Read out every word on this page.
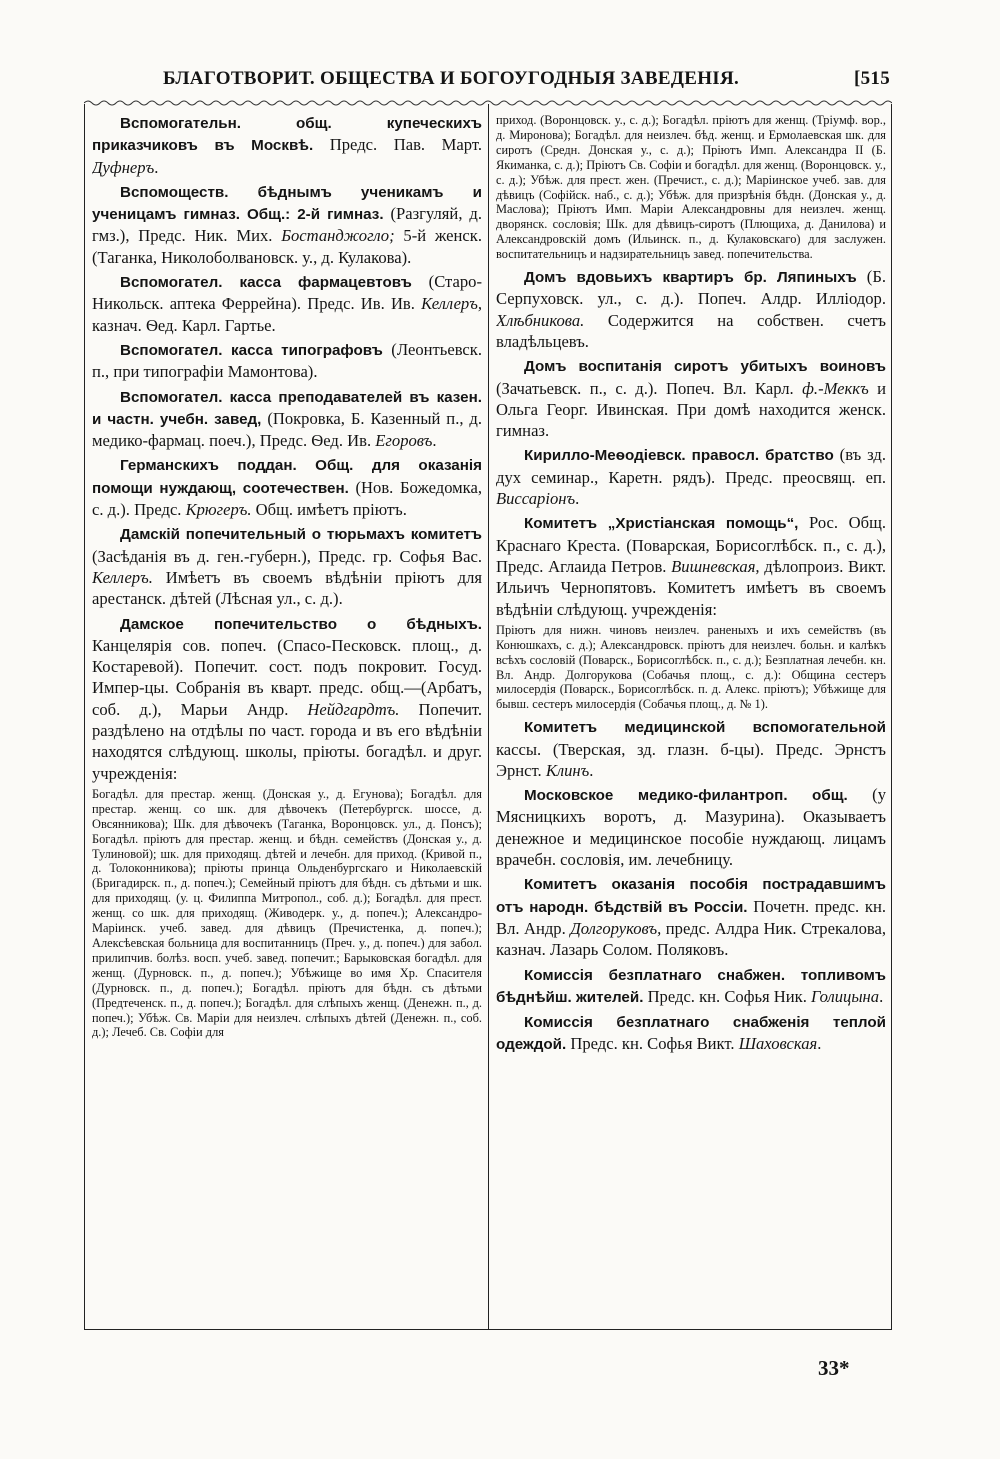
БЛАГОТВОРИТ. ОБЩЕСТВА И БОГОУГОДНЫЯ ЗАВЕДЕНІЯ.	[515

Вспомогательн. общ. купеческихъ приказчиковъ въ Москвѣ. Предс. Пав. Март. Дуфнеръ.

Вспомоществ. бѣднымъ ученикамъ и ученицамъ гимназ. Общ.: 2-й гимназ. (Разгуляй, д. гмз.), Предс. Ник. Мих. Бостанджогло; 5-й женск. (Таганка, Николоболвановск. у., д. Кулакова).

Вспомогател. касса фармацевтовъ (Старо-Никольск. аптека Феррейна). Предс. Ив. Ив. Келлеръ, казнач. Ѳед. Карл. Гартье.

Вспомогател. касса типографовъ (Леонтьевск. п., при типографіи Мамонтова).

Вспомогател. касса преподавателей въ казен. и частн. учебн. завед, (Покровка, Б. Казенный п., д. медико-фармац. поеч.), Предс. Ѳед. Ив. Егоровъ.

Германскихъ поддан. Общ. для оказанія помощи нуждающ, соотечествен. (Нов. Божедомка, с. д.). Предс. Крюгеръ. Общ. имѣетъ пріютъ.

Дамскій попечительный о тюрьмахъ комитетъ (Засѣданія въ д. ген.-губерн.), Предс. гр. Софья Вас. Келлеръ. Имѣетъ въ своемъ вѣдѣніи пріютъ для арестанск. дѣтей (Лѣсная ул., с. д.).

Дамское попечительство о бѣдныхъ. Канцелярія сов. попеч. (Спасо-Песковск. площ., д. Костаревой). Попечит. сост. подъ покровит. Госуд. Импер-цы. Собранія въ кварт. предс. общ.—(Арбатъ, соб. д.), Марьи Андр. Нейдгардтъ. Попечит. раздѣлено на отдѣлы по част. города и въ его вѣдѣніи находятся слѣдующ. школы, пріюты. богадѣл. и друг. учрежденія:

Богадѣл. для престар. женщ. (Донская у., д. Егунова); Богадѣл. для престар. женщ. со шк. для дѣвочекъ (Петербургск. шоссе, д. Овсянникова); Шк. для дѣвочекъ (Таганка, Воронцовск. ул., д. Понсъ); Богадѣл. пріютъ для престар. женщ. и бѣдн. семействъ (Донская у., д. Тулиновой); шк. для приходящ. дѣтей и лечебн. для приход. (Кривой п., д. Толоконникова); пріюты принца Ольденбургскаго и Николаевскій (Бригадирск. п., д. попеч.); Семейный пріютъ для бѣдн. съ дѣтьми и шк. для приходящ. (у. ц. Филиппа Митропол., соб. д.); Богадѣл. для прест. женщ. со шк. для приходящ. (Живодерк. у., д. попеч.); Александро-Маріинск. учеб. завед. для дѣвицъ (Пречистенка, д. попеч.); Алексѣевская больница для воспитанницъ (Преч. у., д. попеч.) для забол. прилипчив. болѣз. восп. учеб. завед. попечит.; Барыковская богадѣл. для женщ. (Дурновск. п., д. попеч.); Убѣжище во имя Хр. Спасителя (Дурновск. п., д. попеч.); Богадѣл. пріютъ для бѣдн. съ дѣтьми (Предтеченск. п., д. попеч.); Богадѣл. для слѣпыхъ женщ. (Денежн. п., д. попеч.); Убѣж. Св. Маріи для неизлеч. слѣпыхъ дѣтей (Денежн. п., соб. д.); Лечеб. Св. Софіи для

приход. (Воронцовск. у., с. д.); Богадѣл. пріютъ для женщ. (Тріумф. вор., д. Миронова); Богадѣл. для неизлеч. бѣд. женщ. и Ермолаевская шк. для сиротъ (Средн. Донская у., с. д.); Пріютъ Имп. Александра II (Б. Якиманка, с. д.); Пріютъ Св. Софіи и богадѣл. для женщ. (Воронцовск. у., с. д.); Убѣж. для прест. жен. (Пречист., с. д.); Маріинское учеб. зав. для дѣвицъ (Софійск. наб., с. д.); Убѣж. для призрѣнія бѣдн. (Донская у., д. Маслова); Пріютъ Имп. Маріи Александровны для неизлеч. женщ. дворянск. сословія; Шк. для дѣвицъ-сиротъ (Плющиха, д. Данилова) и Александровскій домъ (Ильинск. п., д. Кулаковскаго) для заслужен. воспитательницъ и надзирательницъ завед. попечительства.

Домъ вдовьихъ квартиръ бр. Ляпиныхъ (Б. Серпуховск. ул., с. д.). Попеч. Алдр. Илліодор. Хлѣбникова. Содержится на собствен. счетъ владѣльцевъ.

Домъ воспитанія сиротъ убитыхъ воиновъ (Зачатьевск. п., с. д.). Попеч. Вл. Карл. ф.-Меккъ и Ольга Георг. Ивинская. При домѣ находится женск. гимназ.

Кирилло-Меѳодіевск. правосл. братство (въ зд. дух семинар., Каретн. рядъ). Предс. преосвящ. еп. Виссаріонъ.

Комитетъ „Христіанская помощь“, Рос. Общ. Краснаго Креста. (Поварская, Борисоглѣбск. п., с. д.), Предс. Аглаида Петров. Вишневская, дѣлопроиз. Викт. Ильичъ Чернопятовъ. Комитетъ имѣетъ въ своемъ вѣдѣніи слѣдующ. учрежденія:

Пріютъ для нижн. чиновъ неизлеч. раненыхъ и ихъ семействъ (въ Конюшкахъ, с. д.); Александровск. пріютъ для неизлеч. больн. и калѣкъ всѣхъ сословій (Поварск., Борисоглѣбск. п., с. д.); Безплатная лечебн. кн. Вл. Андр. Долгорукова (Собачья площ., с. д.): Община сестеръ милосердія (Поварск., Борисоглѣбск. п. д. Алекс. пріютъ); Убѣжище для бывш. сестеръ милосердія (Собачья площ., д. № 1).

Комитетъ медицинской вспомогательной кассы. (Тверская, зд. глазн. б-цы). Предс. Эрнстъ Эрнст. Клинъ.

Московское медико-филантроп. общ. (у Мясницкихъ воротъ, д. Мазурина). Оказываетъ денежное и медицинское пособіе нуждающ. лицамъ врачебн. сословія, им. лечебницу.

Комитетъ оказанія пособія пострадавшимъ отъ народн. бѣдствій въ Россіи. Почетн. предс. кн. Вл. Андр. Долгоруковъ, предс. Алдра Ник. Стрекалова, казнач. Лазарь Солом. Поляковъ.

Комиссія безплатнаго снабжен. топливомъ бѣднѣйш. жителей. Предс. кн. Софья Ник. Голицына.

Комиссія безплатнаго снабженія теплой одеждой. Предс. кн. Софья Викт. Шаховская.

33*
